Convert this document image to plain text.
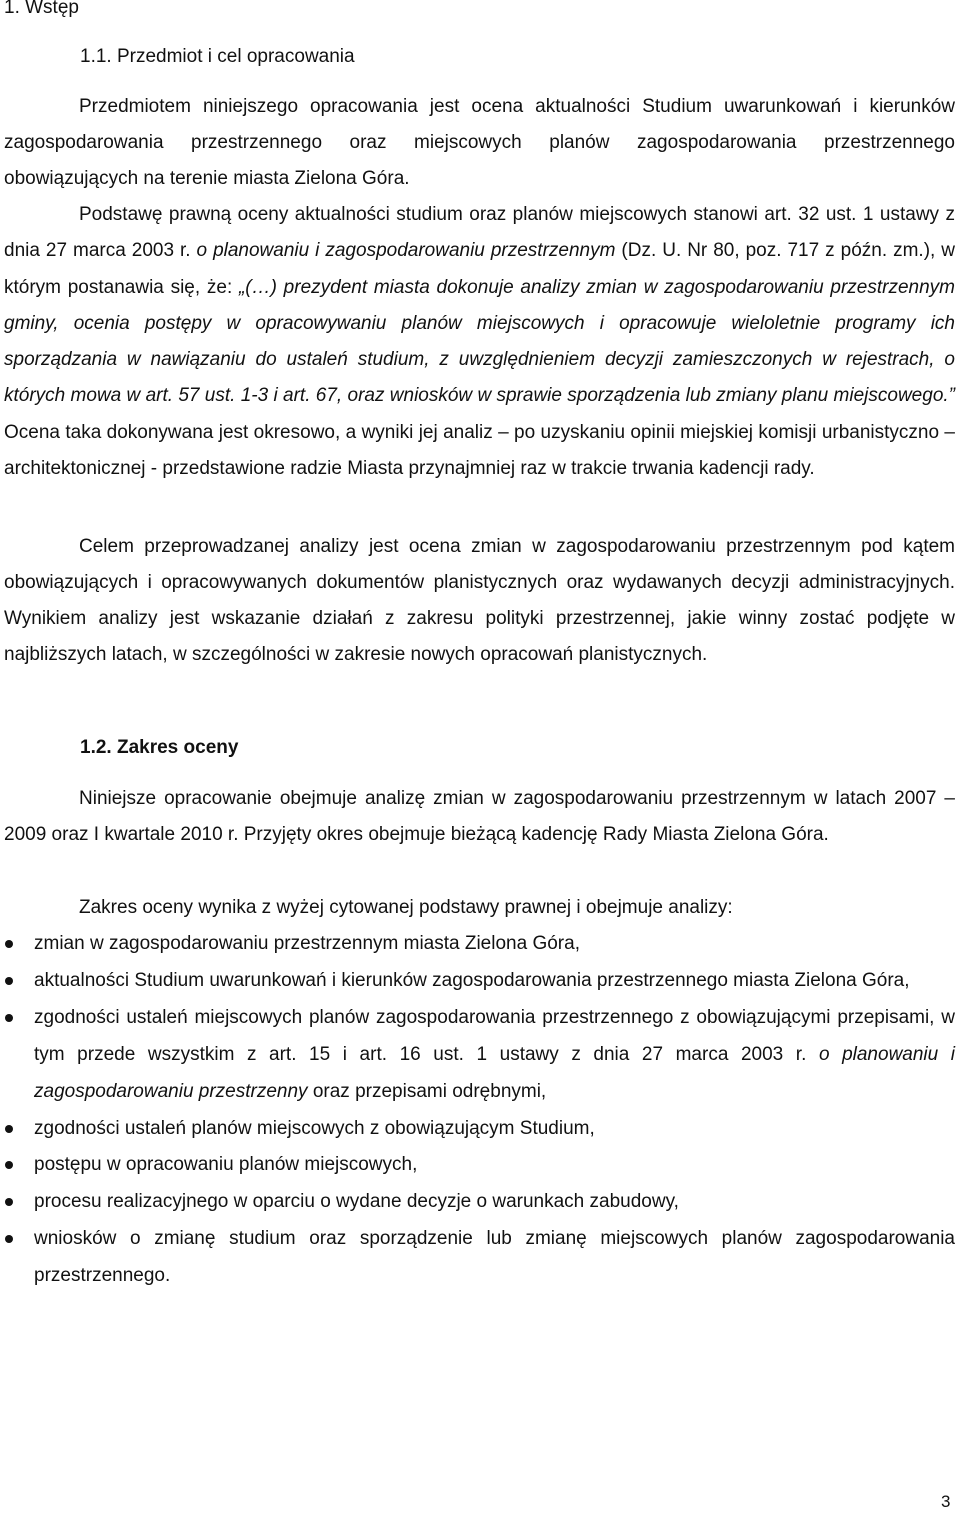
1. Wstęp
1.1. Przedmiot i cel opracowania

Przedmiotem niniejszego opracowania jest ocena aktualności Studium uwarunkowań i kierunków zagospodarowania przestrzennego oraz miejscowych planów zagospodarowania przestrzennego obowiązujących na terenie miasta Zielona Góra.

Podstawę prawną oceny aktualności studium oraz planów miejscowych stanowi art. 32 ust. 1 ustawy z dnia 27 marca 2003 r. o planowaniu i zagospodarowaniu przestrzennym (Dz. U. Nr 80, poz. 717 z późn. zm.), w którym postanawia się, że: „(…) prezydent miasta dokonuje analizy zmian w zagospodarowaniu przestrzennym gminy, ocenia postępy w opracowywaniu planów miejscowych i opracowuje wieloletnie programy ich sporządzania w nawiązaniu do ustaleń studium, z uwzględnieniem decyzji zamieszczonych w rejestrach, o których mowa w art. 57 ust. 1-3 i art. 67, oraz wniosków w sprawie sporządzenia lub zmiany planu miejscowego.” Ocena taka dokonywana jest okresowo, a wyniki jej analiz – po uzyskaniu opinii miejskiej komisji urbanistyczno – architektonicznej - przedstawione radzie Miasta przynajmniej raz w trakcie trwania kadencji rady.

Celem przeprowadzanej analizy jest ocena zmian w zagospodarowaniu przestrzennym pod kątem obowiązujących i opracowywanych dokumentów planistycznych oraz wydawanych decyzji administracyjnych. Wynikiem analizy jest wskazanie działań z zakresu polityki przestrzennej, jakie winny zostać podjęte w najbliższych latach, w szczególności w zakresie nowych opracowań planistycznych.

1.2. Zakres oceny

Niniejsze opracowanie obejmuje analizę zmian w zagospodarowaniu przestrzennym w latach 2007 – 2009 oraz I kwartale 2010 r. Przyjęty okres obejmuje bieżącą kadencję Rady Miasta Zielona Góra.

Zakres oceny wynika z wyżej cytowanej podstawy prawnej i obejmuje analizy:

zmian w zagospodarowaniu przestrzennym miasta Zielona Góra,
aktualności Studium uwarunkowań i kierunków zagospodarowania przestrzennego miasta Zielona Góra,
zgodności ustaleń miejscowych planów zagospodarowania przestrzennego z obowiązującymi przepisami, w tym przede wszystkim z art. 15 i art. 16 ust. 1 ustawy z dnia 27 marca 2003 r. o planowaniu i zagospodarowaniu przestrzenny oraz przepisami odrębnymi,
zgodności ustaleń planów miejscowych z obowiązującym Studium,
postępu w opracowaniu planów miejscowych,
procesu realizacyjnego w oparciu o wydane decyzje o warunkach zabudowy,
wniosków o zmianę studium oraz sporządzenie lub zmianę miejscowych planów zagospodarowania przestrzennego.
3
